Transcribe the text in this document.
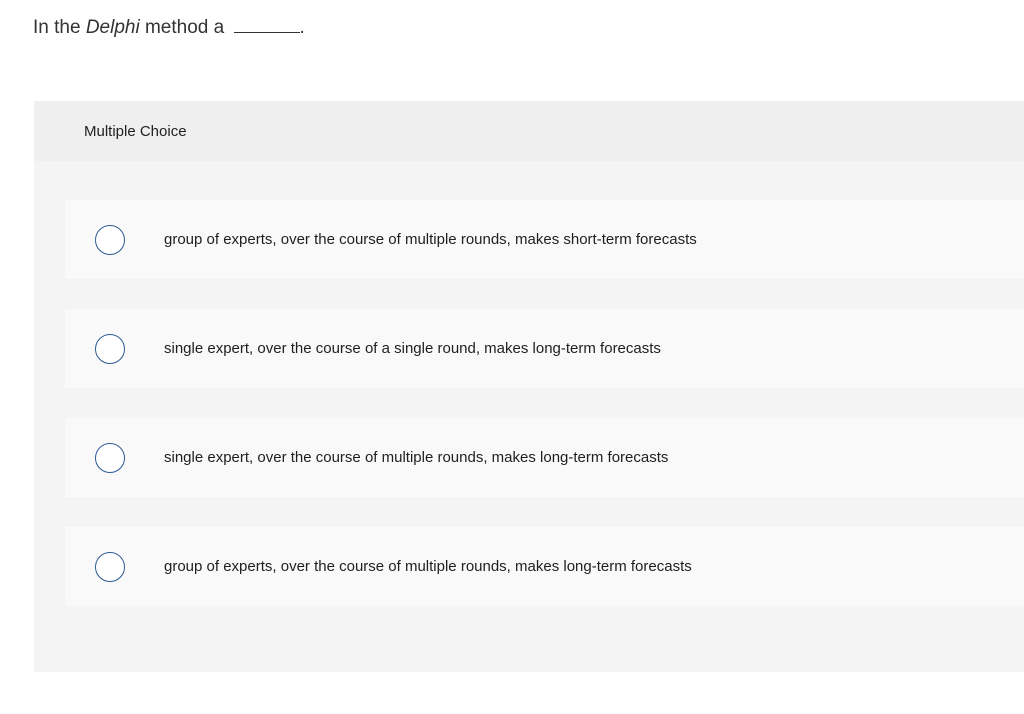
In the Delphi method a	.
Multiple Choice
group of experts, over the course of multiple rounds, makes short-term forecasts
single expert, over the course of a single round, makes long-term forecasts
single expert, over the course of multiple rounds, makes long-term forecasts
group of experts, over the course of multiple rounds, makes long-term forecasts
